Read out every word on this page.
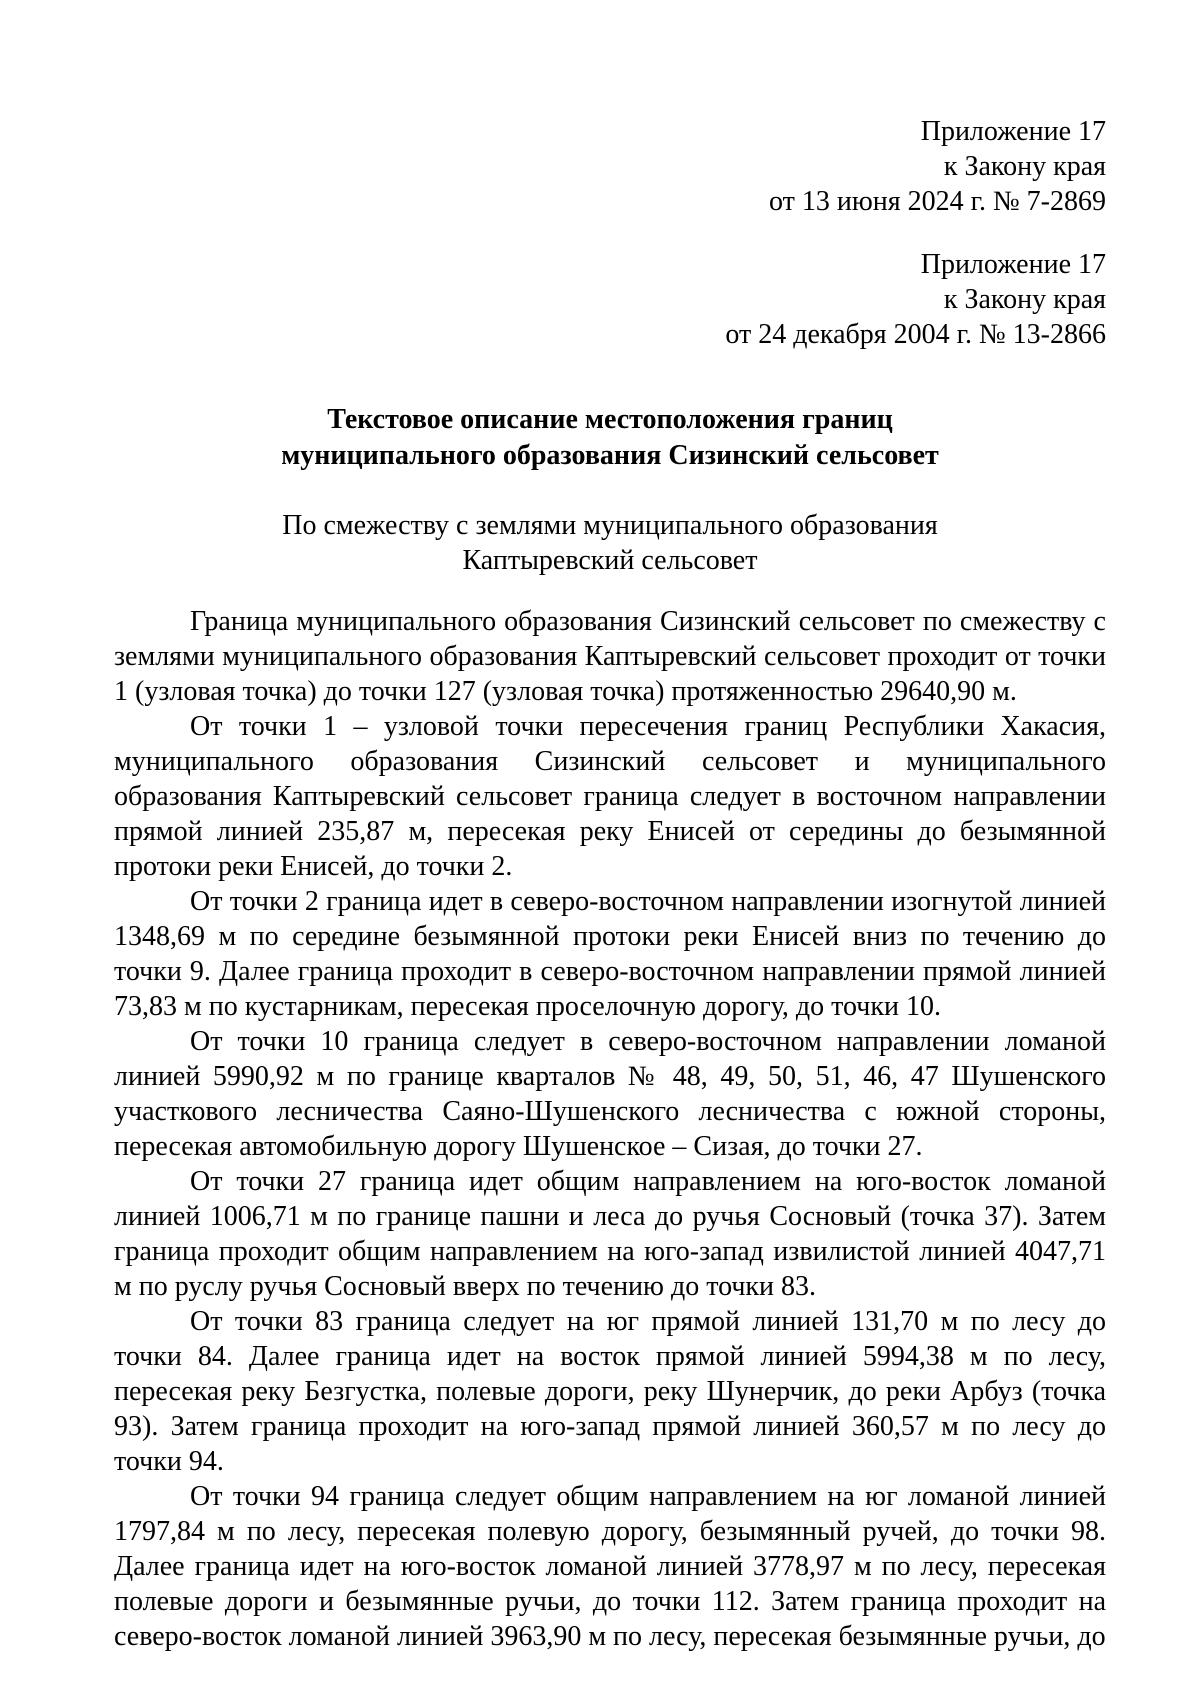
Приложение 17
к Закону края
от 13 июня 2024 г. № 7-2869
Приложение 17
к Закону края
от 24 декабря 2004 г. № 13-2866
Текстовое описание местоположения границ
муниципального образования Сизинский сельсовет
По смежеству с землями муниципального образования
Каптыревский сельсовет

Граница муниципального образования Сизинский сельсовет по смежеству с землями муниципального образования Каптыревский сельсовет проходит от точки 1 (узловая точка) до точки 127 (узловая точка) протяженностью 29640,90 м.

От точки 1 – узловой точки пересечения границ Республики Хакасия, муниципального образования Сизинский сельсовет и муниципального образования Каптыревский сельсовет граница следует в восточном направлении прямой линией 235,87 м, пересекая реку Енисей от середины до безымянной протоки реки Енисей, до точки 2.

От точки 2 граница идет в северо-восточном направлении изогнутой линией 1348,69 м по середине безымянной протоки реки Енисей вниз по течению до точки 9. Далее граница проходит в северо-восточном направлении прямой линией 73,83 м по кустарникам, пересекая проселочную дорогу, до точки 10.

От точки 10 граница следует в северо-восточном направлении ломаной линией 5990,92 м по границе кварталов № 48, 49, 50, 51, 46, 47 Шушенского участкового лесничества Саяно-Шушенского лесничества с южной стороны, пересекая автомобильную дорогу Шушенское – Сизая, до точки 27.

От точки 27 граница идет общим направлением на юго-восток ломаной линией 1006,71 м по границе пашни и леса до ручья Сосновый (точка 37). Затем граница проходит общим направлением на юго-запад извилистой линией 4047,71 м по руслу ручья Сосновый вверх по течению до точки 83.

От точки 83 граница следует на юг прямой линией 131,70 м по лесу до точки 84. Далее граница идет на восток прямой линией 5994,38 м по лесу, пересекая реку Безгустка, полевые дороги, реку Шунерчик, до реки Арбуз (точка 93). Затем граница проходит на юго-запад прямой линией 360,57 м по лесу до точки 94.

От точки 94 граница следует общим направлением на юг ломаной линией 1797,84 м по лесу, пересекая полевую дорогу, безымянный ручей, до точки 98. Далее граница идет на юго-восток ломаной линией 3778,97 м по лесу, пересекая полевые дороги и безымянные ручьи, до точки 112. Затем граница проходит на северо-восток ломаной линией 3963,90 м по лесу, пересекая безымянные ручьи, до
